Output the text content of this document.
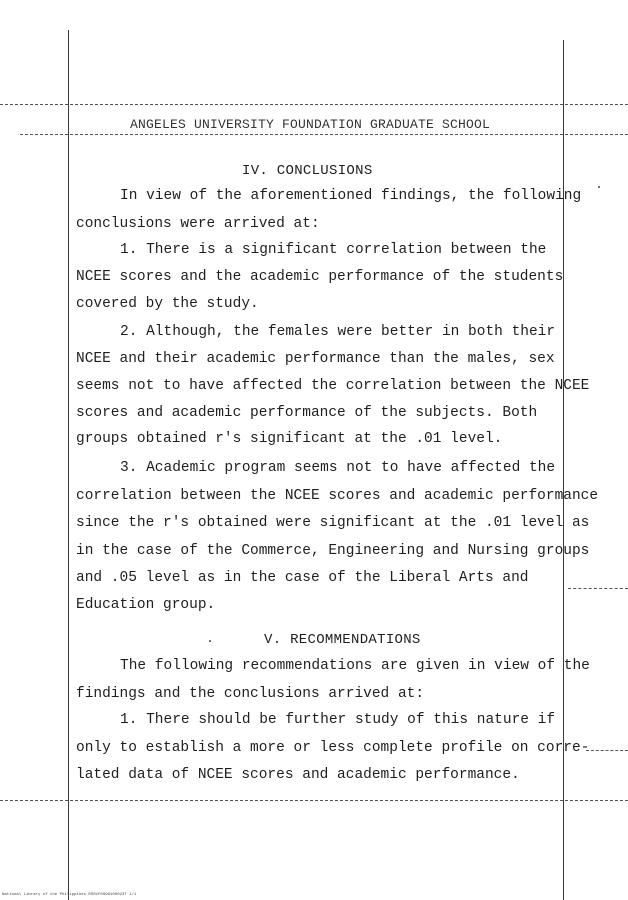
ANGELES UNIVERSITY FOUNDATION GRADUATE SCHOOL
IV. CONCLUSIONS
In view of the aforementioned findings, the following
conclusions were arrived at:
1. There is a significant correlation between the
NCEE scores and the academic performance of the students
covered by the study.
2. Although, the females were better in both their
NCEE and their academic performance than the males, sex
seems not to have affected the correlation between the NCEE
scores and academic performance of the subjects. Both
groups obtained r's significant at the .01 level.
3. Academic program seems not to have affected the
correlation between the NCEE scores and academic performance
since the r's obtained were significant at the .01 level as
in the case of the Commerce, Engineering and Nursing groups
and .05 level as in the case of the Liberal Arts and
Education group.
V. RECOMMENDATIONS
The following recommendations are given in view of the
findings and the conclusions arrived at:
1. There should be further study of this nature if
only to establish a more or less complete profile on corre-
lated data of NCEE scores and academic performance.
National Library of the Philippines RS01F0099100023T 1/1
